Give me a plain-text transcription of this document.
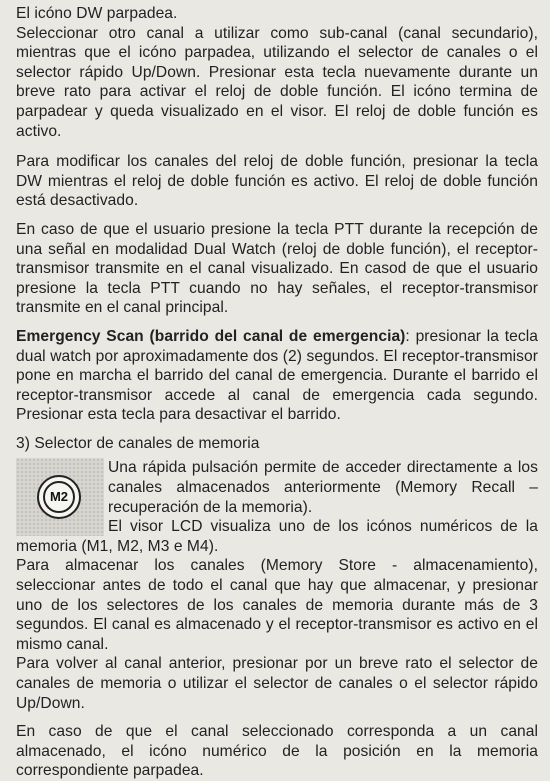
El icóno DW parpadea.

Seleccionar otro canal a utilizar como sub-canal (canal secundario), mientras que el icóno parpadea, utilizando el selector de canales o el selector rápido Up/Down. Presionar esta tecla nuevamente durante un breve rato para activar el reloj de doble función. El icóno termina de parpadear y queda visualizado en el visor. El reloj de doble función es activo.

Para modificar los canales del reloj de doble función, presionar la tecla DW mientras el reloj de doble función es activo. El reloj de doble función está desactivado.

En caso de que el usuario presione la tecla PTT durante la recepción de una señal en modalidad Dual Watch (reloj de doble función), el receptor-transmisor transmite en el canal visualizado. En casod de que el usuario presione la tecla PTT cuando no hay señales, el receptor-transmisor transmite en el canal principal.

Emergency Scan (barrido del canal de emergencia): presionar la tecla dual watch por aproximadamente dos (2) segundos. El receptor-transmisor pone en marcha el barrido del canal de emergencia. Durante el barrido el receptor-transmisor accede al canal de emergencia cada segundo. Presionar esta tecla para desactivar el barrido.

3) Selector de canales de memoria

M2

Una rápida pulsación permite de acceder directamente a los canales almacenados anteriormente (Memory Recall – recuperación de la memoria).

El visor LCD visualiza uno de los icónos numéricos de la memoria (M1, M2, M3 e M4).

Para almacenar los canales (Memory Store - almacenamiento), seleccionar antes de todo el canal que hay que almacenar, y presionar uno de los selectores de los canales de memoria durante más de 3 segundos. El canal es almacenado y el receptor-transmisor es activo en el mismo canal.

Para volver al canal anterior, presionar por un breve rato el selector de canales de memoria o utilizar el selector de canales o el selector rápido Up/Down.

En caso de que el canal seleccionado corresponda a un canal almacenado, el icóno numérico de la posición en la memoria correspondiente parpadea.
